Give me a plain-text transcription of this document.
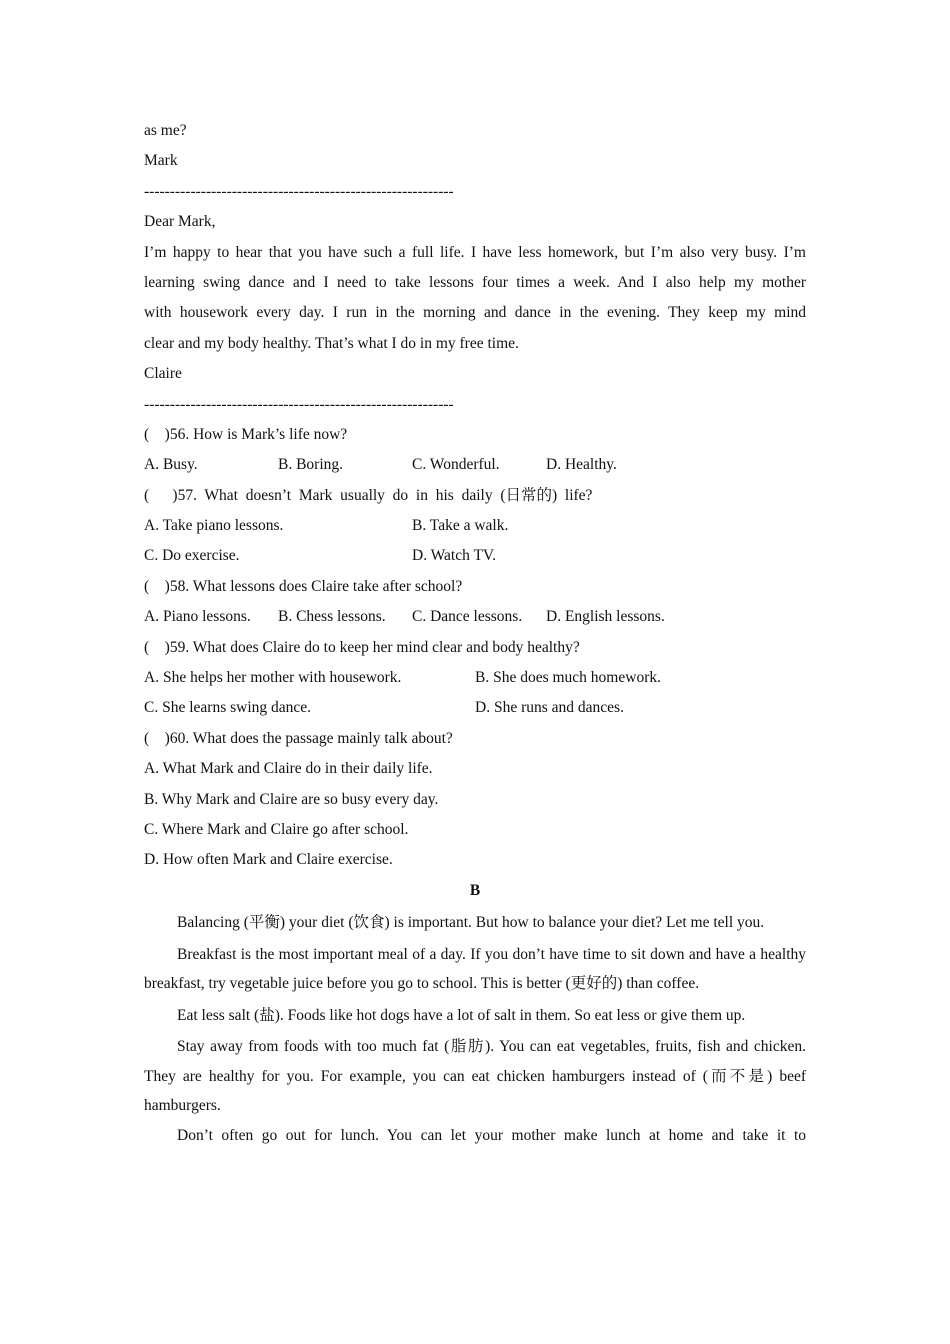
as me?
Mark
------------------------------------------------------------
Dear Mark,
I’m happy to hear that you have such a full life. I have less homework, but I’m also very busy. I’m
learning swing dance and I need to take lessons four times a week. And I also help my mother
with housework every day. I run in the morning and dance in the evening. They keep my mind
clear and my body healthy. That’s what I do in my free time.
Claire
------------------------------------------------------------
(    )56. How is Mark’s life now?
A. Busy.	B. Boring.	C. Wonderful.	D. Healthy.
(      )57.  What  doesn’t  Mark  usually  do  in  his  daily  (日常的)  life?
A. Take piano lessons.	B. Take a walk.
C. Do exercise.	D. Watch TV.
(    )58. What lessons does Claire take after school?
A. Piano lessons.	B. Chess lessons.	C. Dance lessons.	D. English lessons.
(    )59. What does Claire do to keep her mind clear and body healthy?
A. She helps her mother with housework.	B. She does much homework.
C. She learns swing dance.	D. She runs and dances.
(    )60. What does the passage mainly talk about?
A. What Mark and Claire do in their daily life.
B. Why Mark and Claire are so busy every day.
C. Where Mark and Claire go after school.
D. How often Mark and Claire exercise.
B
Balancing (平衡) your diet (饮食) is important. But how to balance your diet? Let me tell you.
Breakfast is the most important meal of a day. If you don’t have time to sit down and have a healthy breakfast, try vegetable juice before you go to school. This is better (更好的) than coffee.
Eat less salt (盐). Foods like hot dogs have a lot of salt in them. So eat less or give them up.
Stay away from foods with too much fat (脂肪). You can eat vegetables, fruits, fish and chicken. They are healthy for you. For example, you can eat chicken hamburgers instead of (而不是) beef hamburgers.
Don’t often go out for lunch. You can let your mother make lunch at home and take it to
